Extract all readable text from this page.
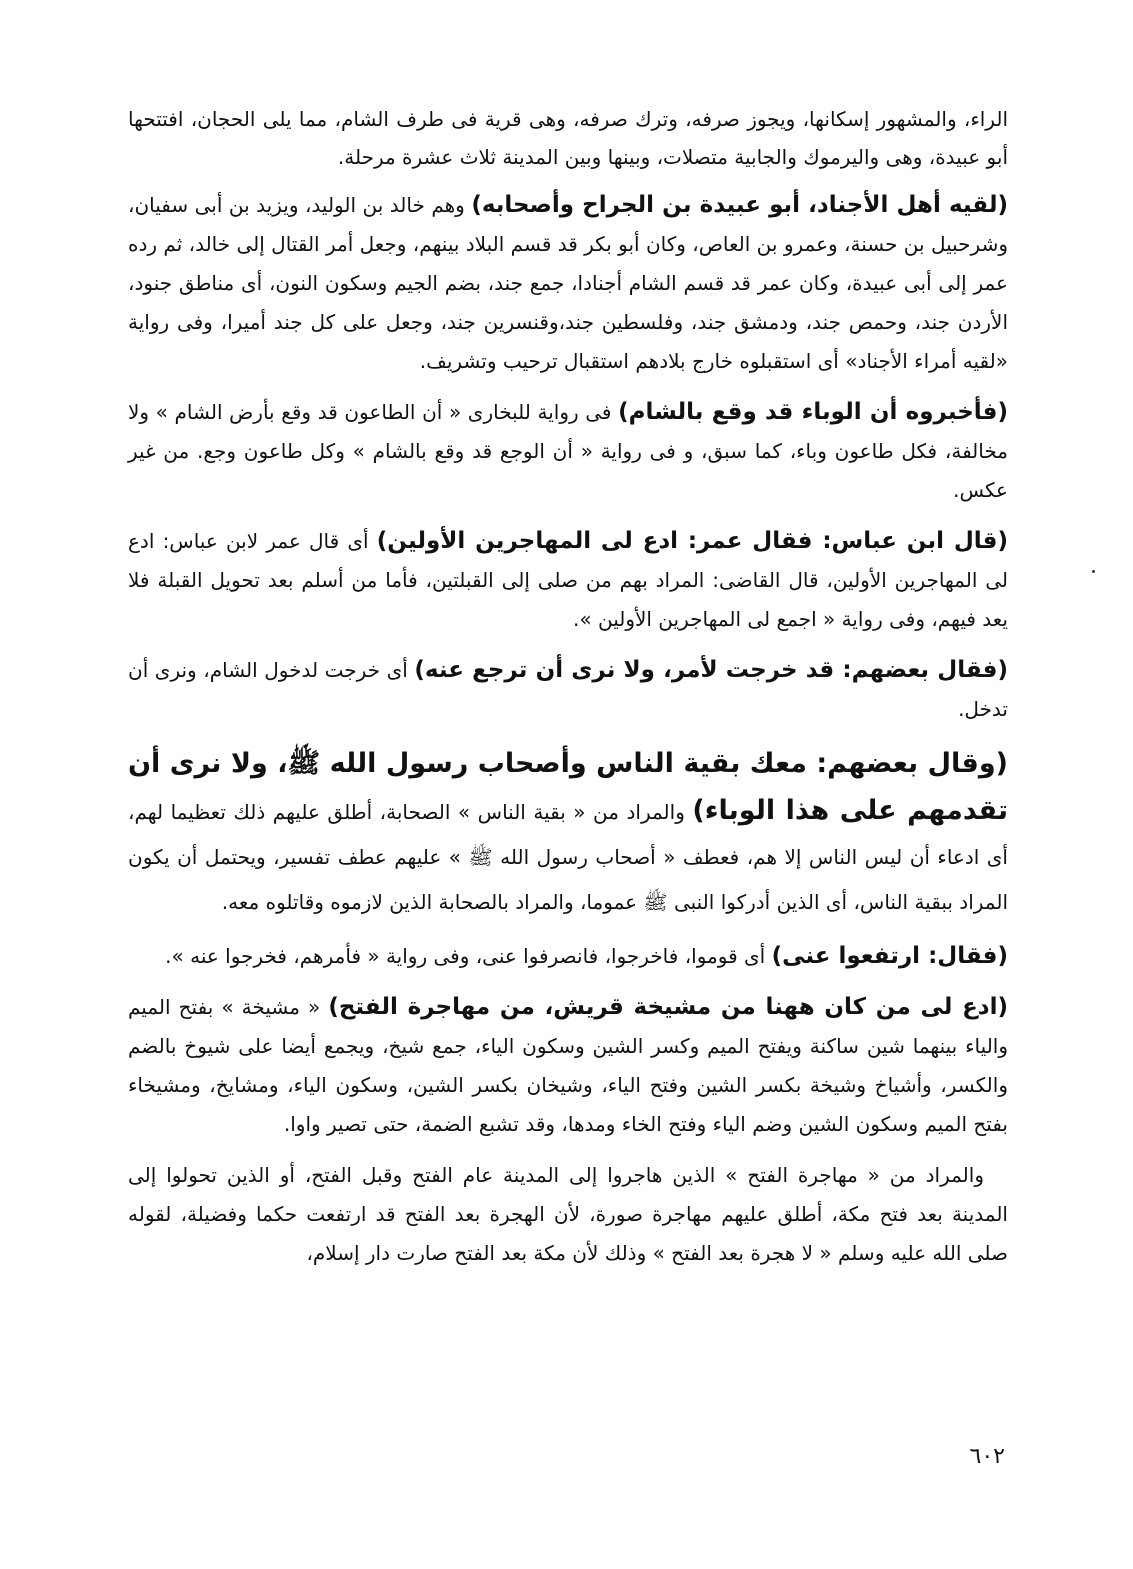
الراء، والمشهور إسكانها، ويجوز صرفه، وترك صرفه، وهى قرية فى طرف الشام، مما يلى الحجان، افتتحها أبو عبيدة، وهى واليرموك والجابية متصلات، وبينها وبين المدينة ثلاث عشرة مرحلة.

(لقيه أهل الأجناد، أبو عبيدة بن الجراح وأصحابه) وهم خالد بن الوليد، ويزيد بن أبى سفيان، وشرحبيل بن حسنة، وعمرو بن العاص، وكان أبو بكر قد قسم البلاد بينهم، وجعل أمر القتال إلى خالد، ثم رده عمر إلى أبى عبيدة، وكان عمر قد قسم الشام أجنادا، جمع جند، بضم الجيم وسكون النون، أى مناطق جنود، الأردن جند، وحمص جند، ودمشق جند، وفلسطين جند،وقنسرين جند، وجعل على كل جند أميرا، وفى رواية «لقيه أمراء الأجناد» أى استقبلوه خارج بلادهم استقبال ترحيب وتشريف.

(فأخبروه أن الوباء قد وقع بالشام) فى رواية للبخارى « أن الطاعون قد وقع بأرض الشام » ولا مخالفة، فكل طاعون وباء، كما سبق، و فى رواية « أن الوجع قد وقع بالشام » وكل طاعون وجع. من غير عكس.

(قال ابن عباس: فقال عمر: ادع لى المهاجرين الأولين) أى قال عمر لابن عباس: ادع لى المهاجرين الأولين، قال القاضى: المراد بهم من صلى إلى القبلتين، فأما من أسلم بعد تحويل القبلة فلا يعد فيهم، وفى رواية « اجمع لى المهاجرين الأولين ».

(فقال بعضهم: قد خرجت لأمر، ولا نرى أن ترجع عنه) أى خرجت لدخول الشام، ونرى أن تدخل.

(وقال بعضهم: معك بقية الناس وأصحاب رسول الله ﷺ، ولا نرى أن تقدمهم على هذا الوباء) والمراد من « بقية الناس » الصحابة، أطلق عليهم ذلك تعظيما لهم، أى ادعاء أن ليس الناس إلا هم، فعطف « أصحاب رسول الله ﷺ » عليهم عطف تفسير، ويحتمل أن يكون المراد ببقية الناس، أى الذين أدركوا النبى ﷺ عموما، والمراد بالصحابة الذين لازموه وقاتلوه معه.

(فقال: ارتفعوا عنى) أى قوموا، فاخرجوا، فانصرفوا عنى، وفى رواية « فأمرهم، فخرجوا عنه ».

(ادع لى من كان ههنا من مشيخة قريش، من مهاجرة الفتح) « مشيخة » بفتح الميم والياء بينهما شين ساكنة ويفتح الميم وكسر الشين وسكون الياء، جمع شيخ، ويجمع أيضا على شيوخ بالضم والكسر، وأشياخ وشيخة بكسر الشين وفتح الياء، وشيخان بكسر الشين، وسكون الياء، ومشايخ، ومشيخاء بفتح الميم وسكون الشين وضم الياء وفتح الخاء ومدها، وقد تشبع الضمة، حتى تصير واوا.

والمراد من « مهاجرة الفتح » الذين هاجروا إلى المدينة عام الفتح وقبل الفتح، أو الذين تحولوا إلى المدينة بعد فتح مكة، أطلق عليهم مهاجرة صورة، لأن الهجرة بعد الفتح قد ارتفعت حكما وفضيلة، لقوله صلى الله عليه وسلم « لا هجرة بعد الفتح » وذلك لأن مكة بعد الفتح صارت دار إسلام،

٦٠٢
